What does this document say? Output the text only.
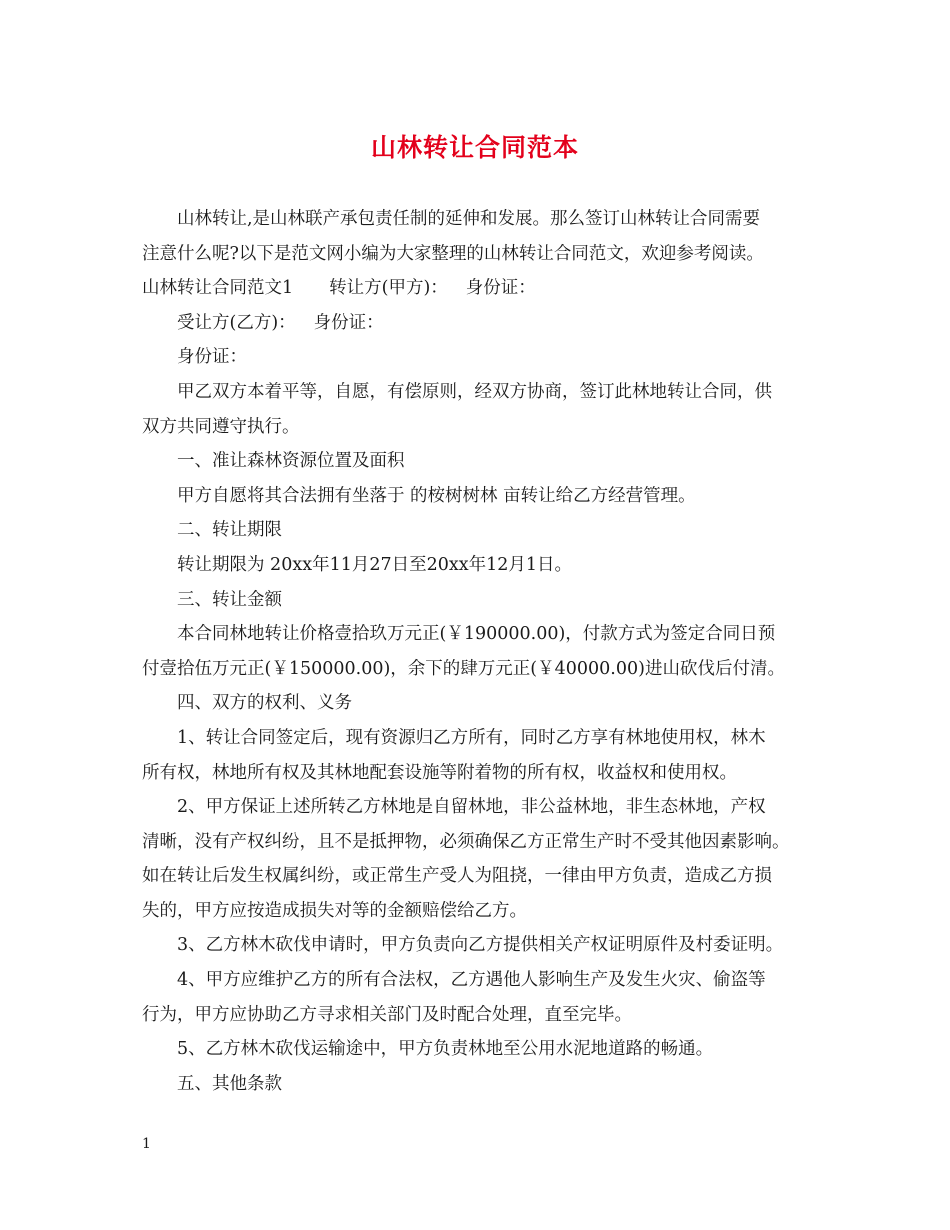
山林转让合同范本
山林转让,是山林联产承包责任制的延伸和发展。那么签订山林转让合同需要
注意什么呢?以下是范文网小编为大家整理的山林转让合同范文，欢迎参考阅读。
山林转让合同范文1 转让方(甲方)： 身份证：
受让方(乙方)： 身份证：
身份证：
甲乙双方本着平等，自愿，有偿原则，经双方协商，签订此林地转让合同，供
双方共同遵守执行。
一、准让森林资源位置及面积
甲方自愿将其合法拥有坐落于 的桉树树林 亩转让给乙方经营管理。
二、转让期限
转让期限为 20xx年11月27日至20xx年12月1日。
三、转让金额
本合同林地转让价格壹拾玖万元正(￥190000.00)，付款方式为签定合同日预
付壹拾伍万元正(￥150000.00)，余下的肆万元正(￥40000.00)进山砍伐后付清。
四、双方的权利、义务
1、转让合同签定后，现有资源归乙方所有，同时乙方享有林地使用权，林木
所有权，林地所有权及其林地配套设施等附着物的所有权，收益权和使用权。
2、甲方保证上述所转乙方林地是自留林地，非公益林地，非生态林地，产权
清晰，没有产权纠纷，且不是抵押物，必须确保乙方正常生产时不受其他因素影响。
如在转让后发生权属纠纷，或正常生产受人为阻挠，一律由甲方负责，造成乙方损
失的，甲方应按造成损失对等的金额赔偿给乙方。
3、乙方林木砍伐申请时，甲方负责向乙方提供相关产权证明原件及村委证明。
4、甲方应维护乙方的所有合法权，乙方遇他人影响生产及发生火灾、偷盗等
行为，甲方应协助乙方寻求相关部门及时配合处理，直至完毕。
5、乙方林木砍伐运输途中，甲方负责林地至公用水泥地道路的畅通。
五、其他条款
1
